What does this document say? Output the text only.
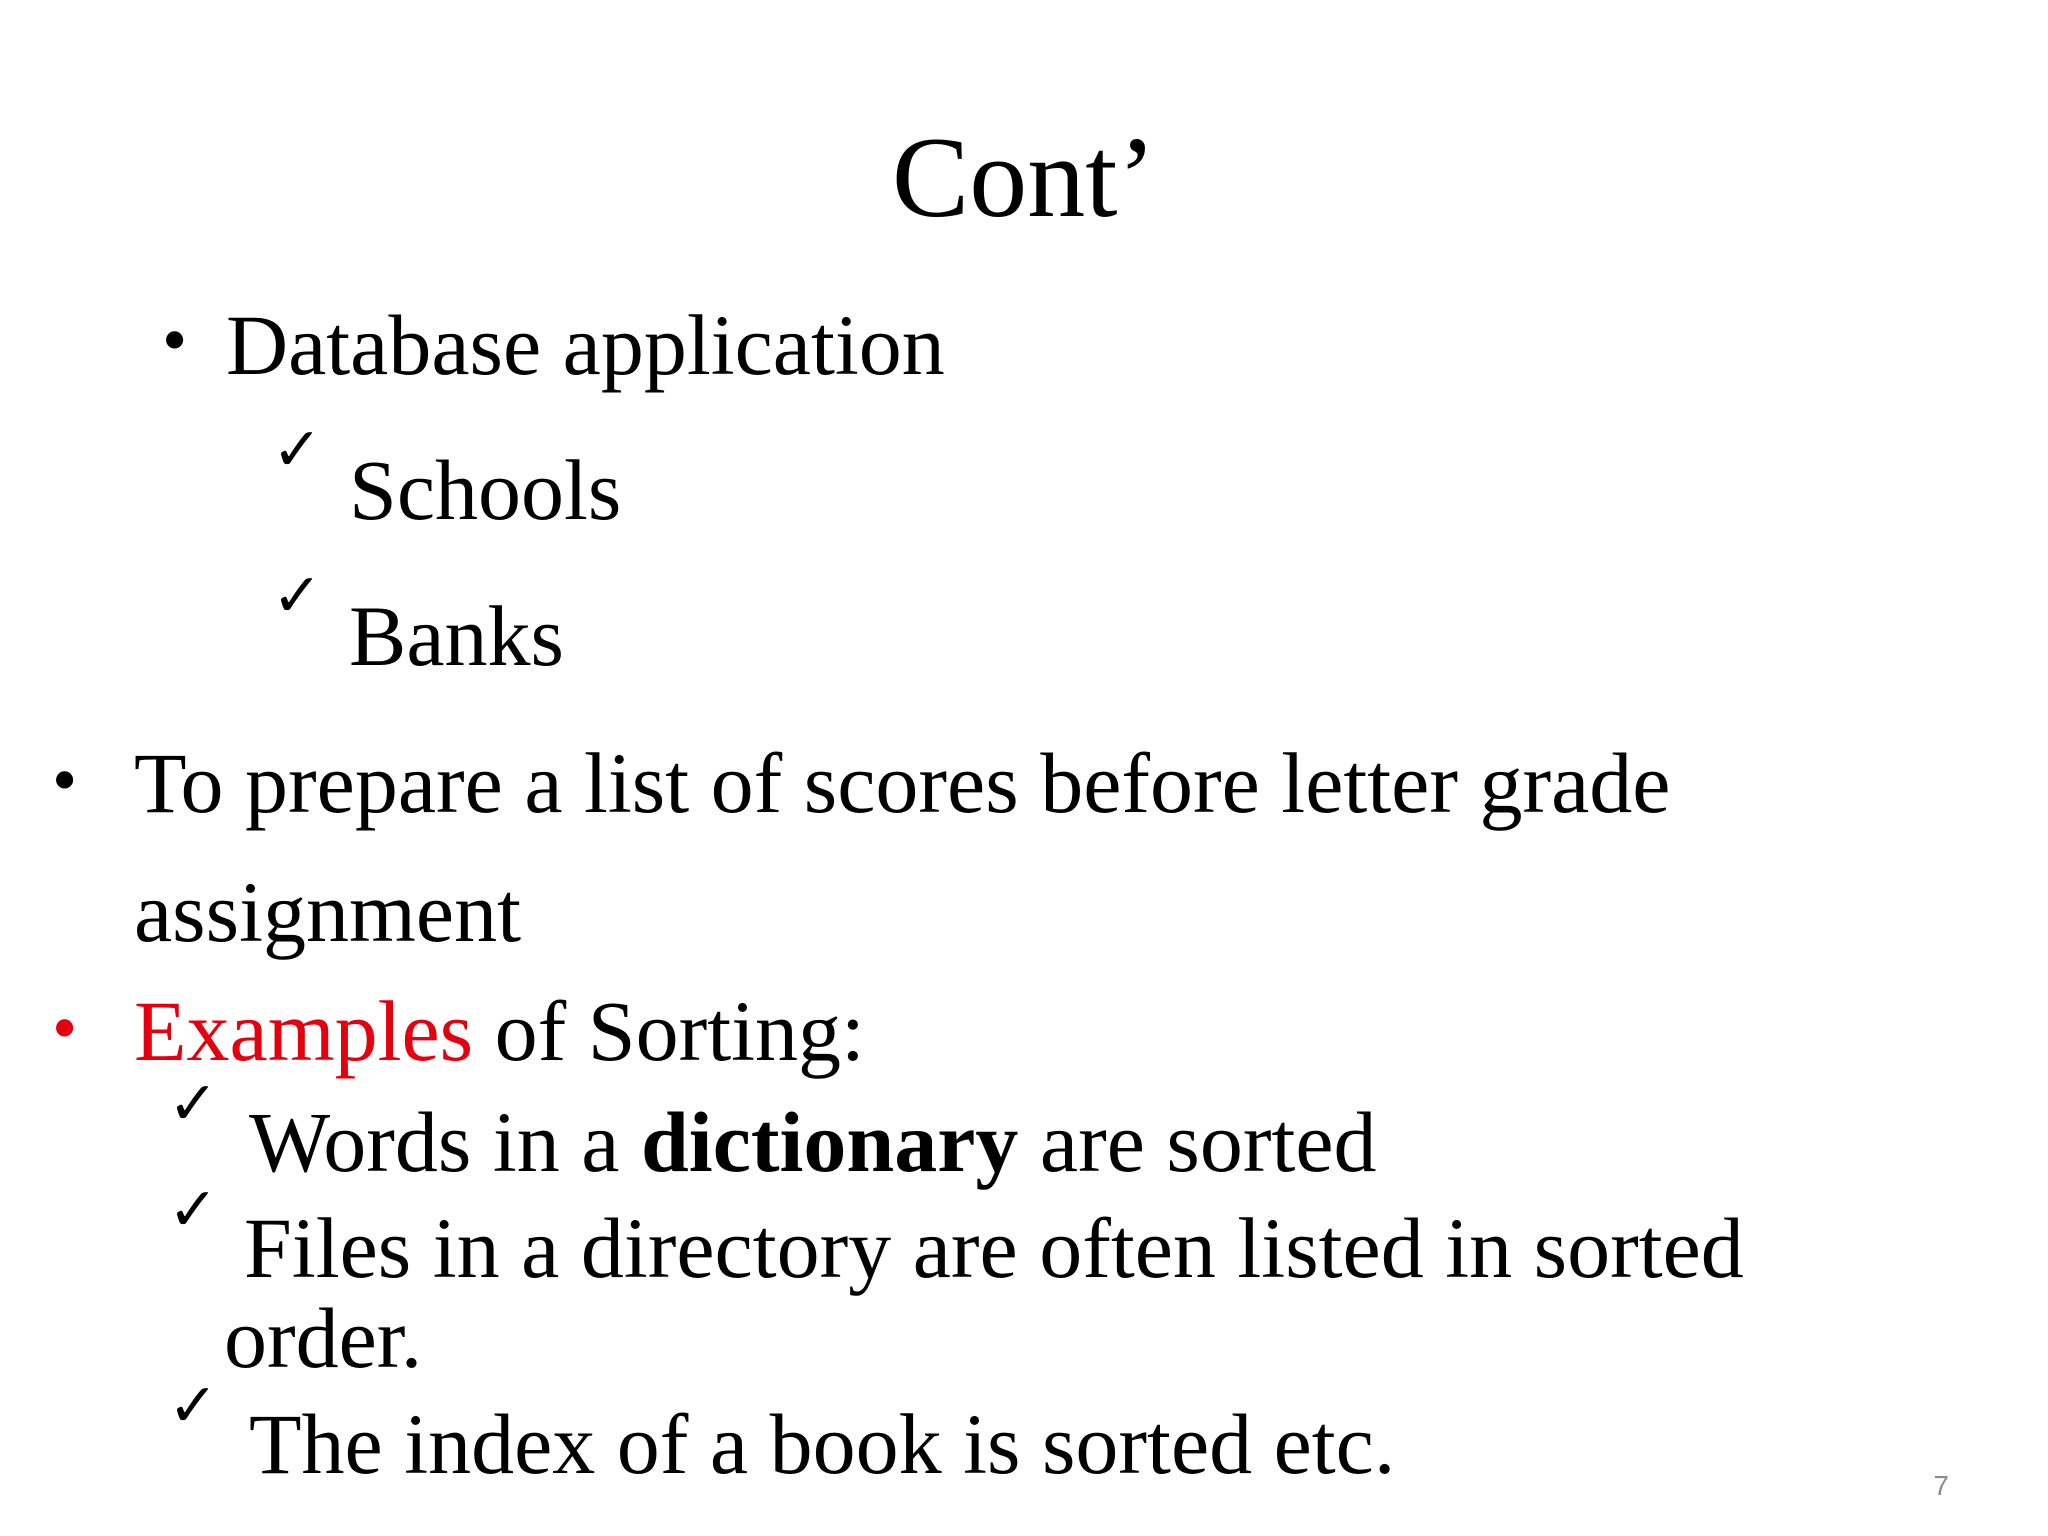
Cont’
• Database application
✓ Schools
✓ Banks
• To prepare a list of scores before letter grade
assignment
• Examples of Sorting:
✓ Words in a dictionary are sorted
✓ Files in a directory are often listed in sorted
order.
✓ The index of a book is sorted etc.	7
